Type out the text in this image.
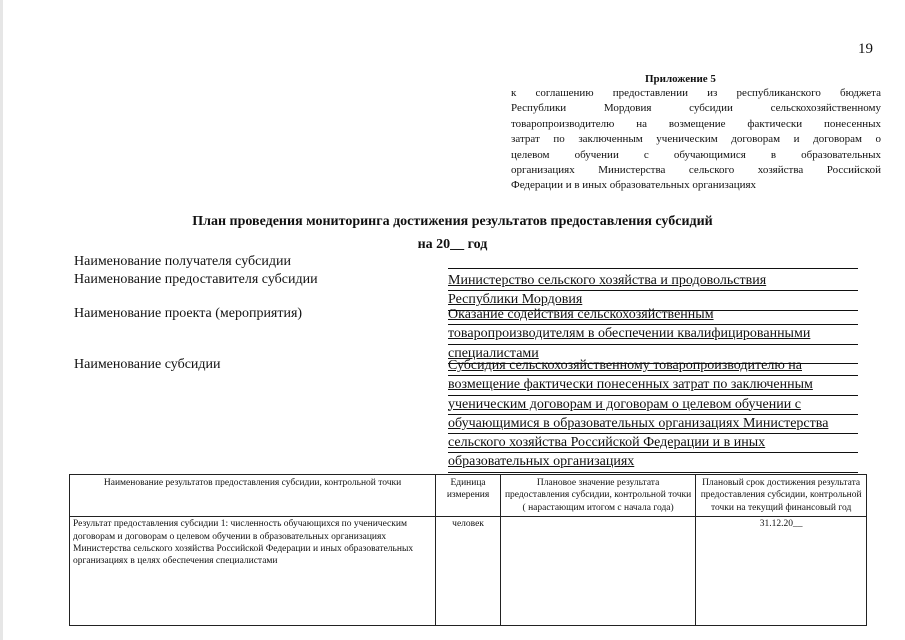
19
Приложение 5
к соглашению предоставлении из республиканского бюджета
Республики Мордовия субсидии сельскохозяйственному
товаропроизводителю на возмещение фактически понесенных
затрат по заключенным ученическим договорам и договорам о
целевом обучении с обучающимися в образовательных
организациях Министерства сельского хозяйства Российской
Федерации и в иных образовательных организациях
План проведения мониторинга достижения результатов предоставления субсидий
на 20__ год
Наименование получателя субсидии
Наименование предоставителя субсидии	Министерство сельского хозяйства и продовольствия
Республики Мордовия
Наименование проекта (мероприятия)	Оказание содействия сельскохозяйственным
товаропроизводителям в обеспечении квалифицированными
специалистами
Наименование субсидии	Субсидия сельскохозяйственному товаропроизводителю на
возмещение фактически понесенных затрат по заключенным
ученическим договорам и договорам о целевом обучении с
обучающимися в образовательных организациях Министерства
сельского хозяйства Российской Федерации и в иных
образовательных организациях
Наименование результатов предоставления субсидии, контрольной точки	Единица измерения	Плановое значение результата предоставления субсидии, контрольной точки ( нарастающим итогом с начала года)	Плановый срок достижения результата предоставления субсидии, контрольной точки на текущий финансовый год
Результат предоставления субсидии 1: численность обучающихся по ученическим договорам и договорам о целевом обучении в образовательных организациях Министерства сельского хозяйства Российской Федерации и иных образовательных организациях в целях обеспечения специалистами	человек		31.12.20__
